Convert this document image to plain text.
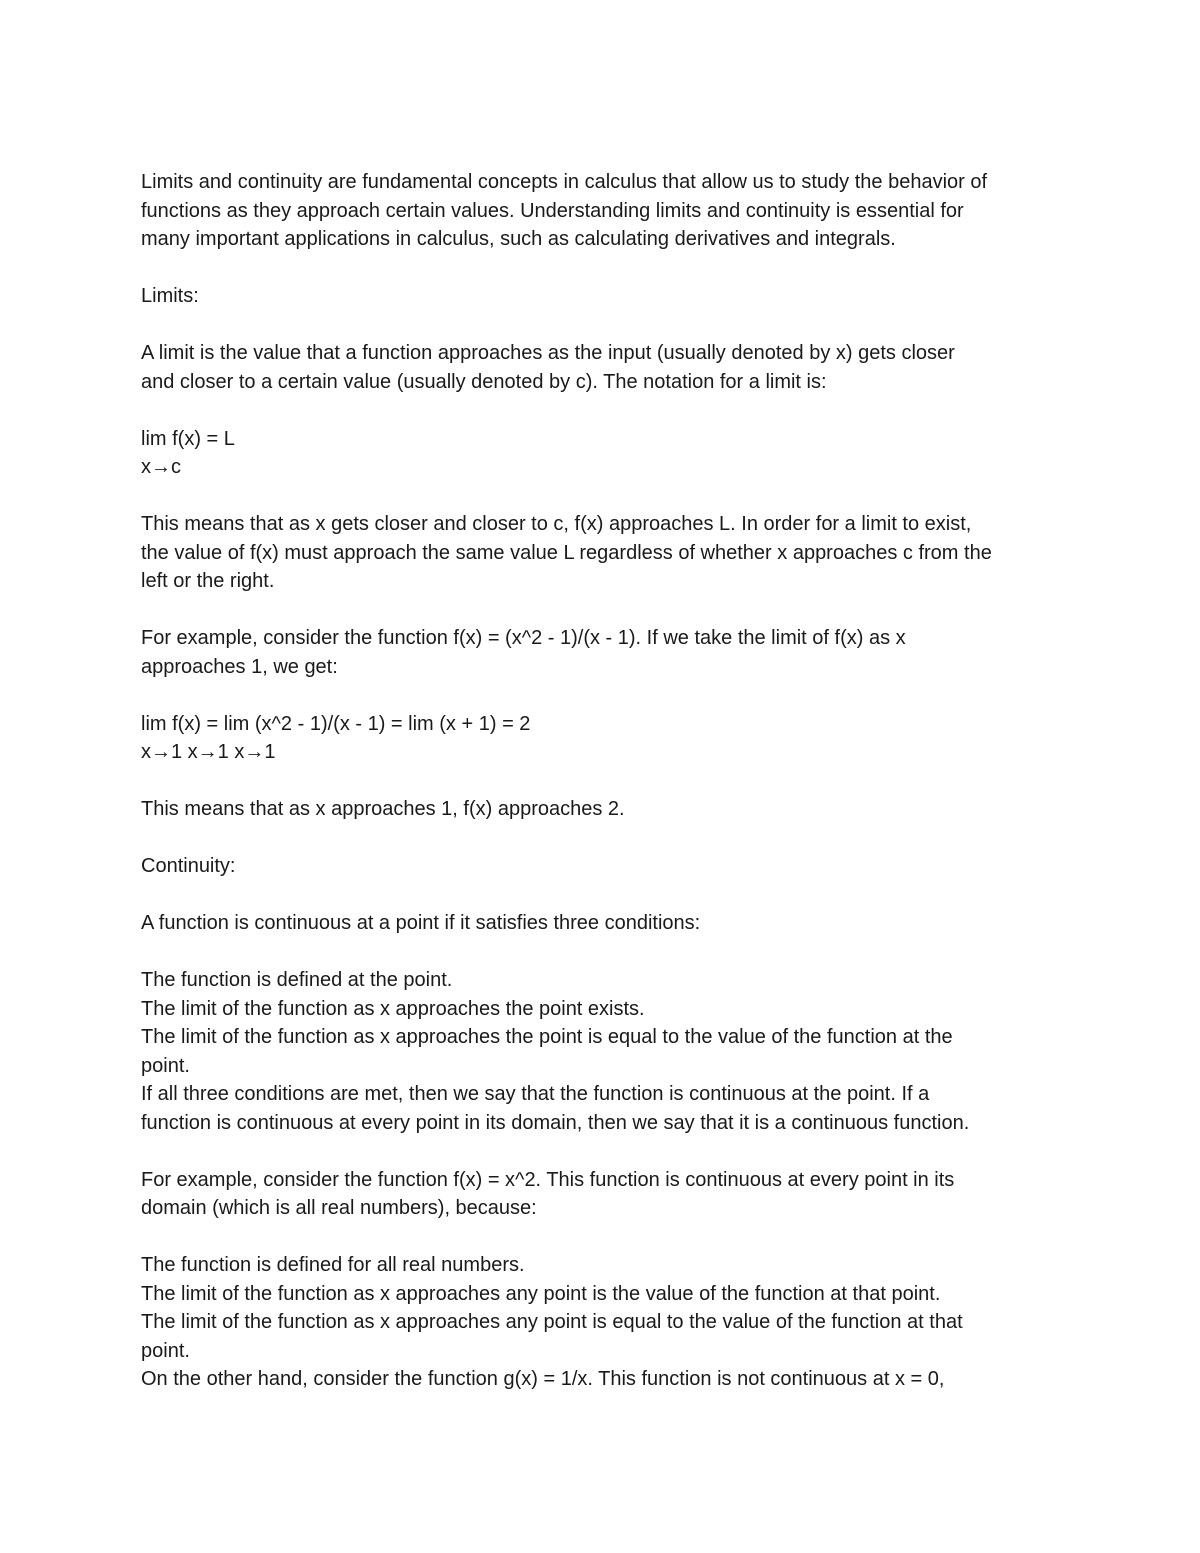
Limits and continuity are fundamental concepts in calculus that allow us to study the behavior of
functions as they approach certain values. Understanding limits and continuity is essential for
many important applications in calculus, such as calculating derivatives and integrals.
Limits:
A limit is the value that a function approaches as the input (usually denoted by x) gets closer
and closer to a certain value (usually denoted by c). The notation for a limit is:
lim f(x) = L
x→c
This means that as x gets closer and closer to c, f(x) approaches L. In order for a limit to exist,
the value of f(x) must approach the same value L regardless of whether x approaches c from the
left or the right.
For example, consider the function f(x) = (x^2 - 1)/(x - 1). If we take the limit of f(x) as x
approaches 1, we get:
lim f(x) = lim (x^2 - 1)/(x - 1) = lim (x + 1) = 2
x→1 x→1 x→1
This means that as x approaches 1, f(x) approaches 2.
Continuity:
A function is continuous at a point if it satisfies three conditions:
The function is defined at the point.
The limit of the function as x approaches the point exists.
The limit of the function as x approaches the point is equal to the value of the function at the
point.
If all three conditions are met, then we say that the function is continuous at the point. If a
function is continuous at every point in its domain, then we say that it is a continuous function.
For example, consider the function f(x) = x^2. This function is continuous at every point in its
domain (which is all real numbers), because:
The function is defined for all real numbers.
The limit of the function as x approaches any point is the value of the function at that point.
The limit of the function as x approaches any point is equal to the value of the function at that
point.
On the other hand, consider the function g(x) = 1/x. This function is not continuous at x = 0,
